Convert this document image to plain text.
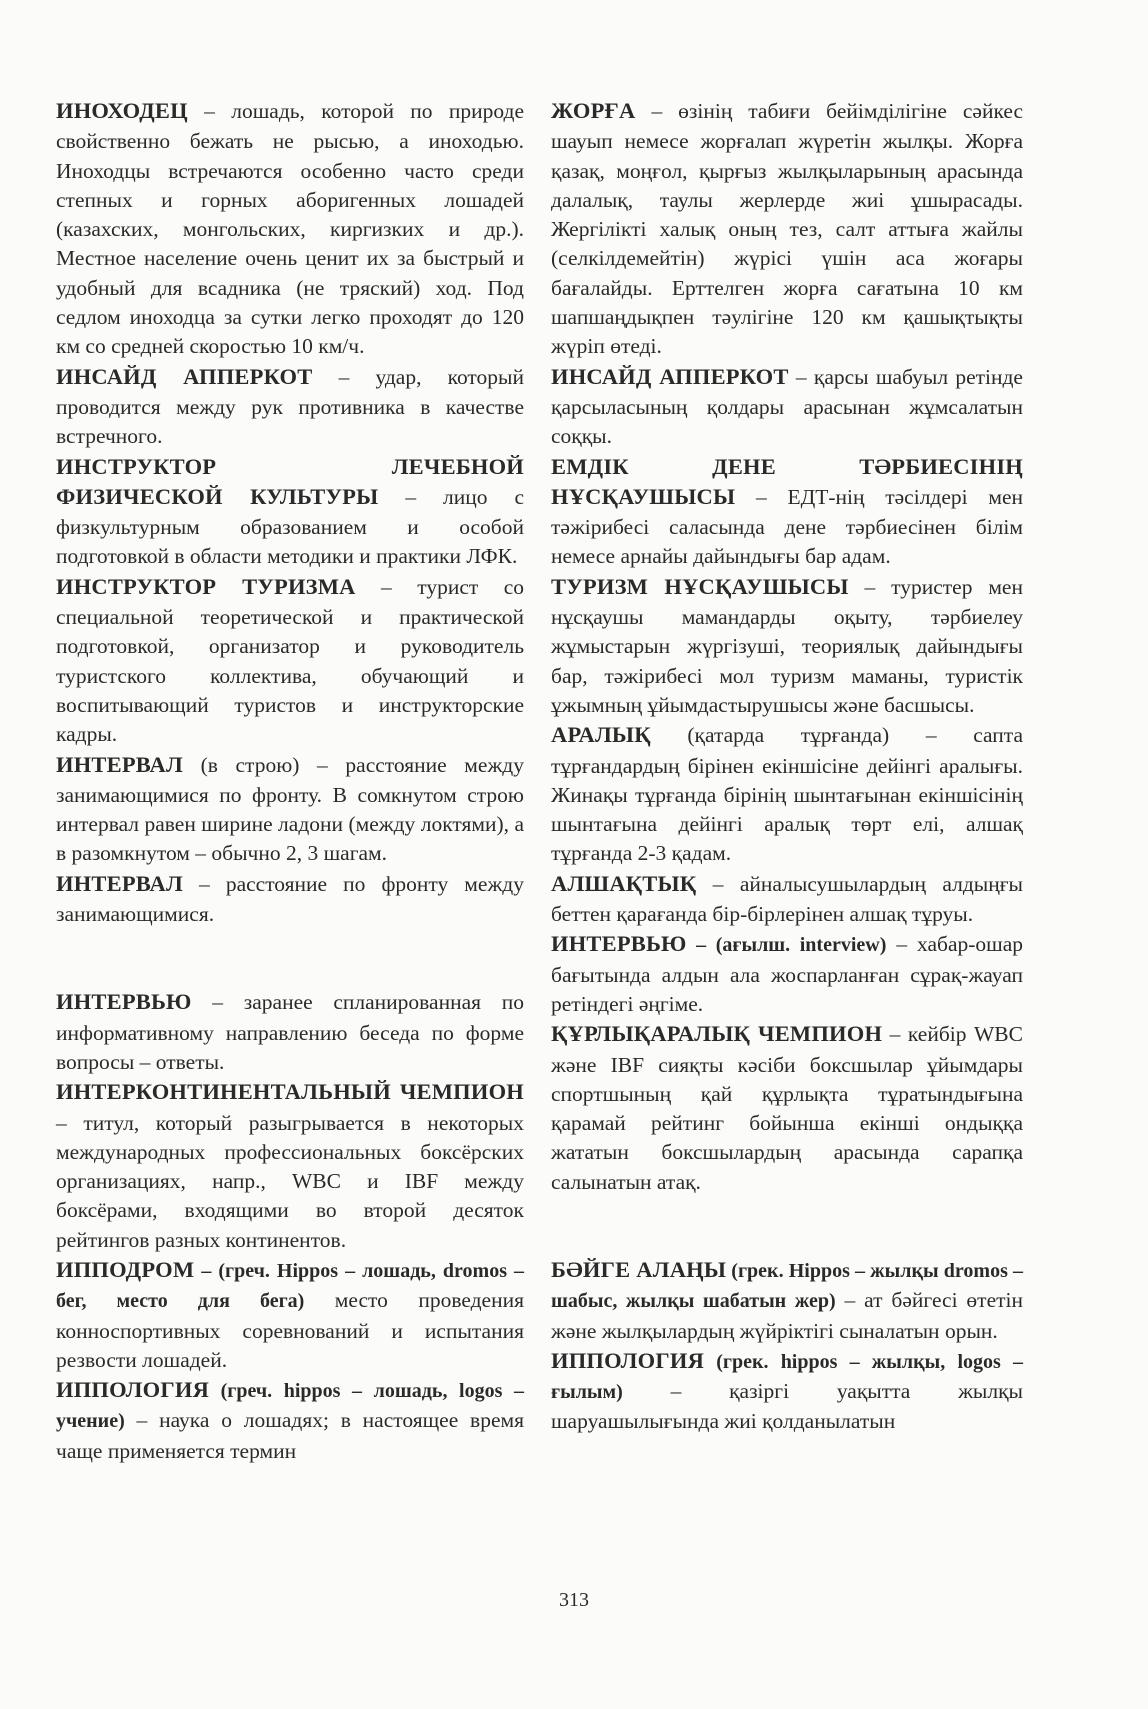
ИНОХОДЕЦ – лошадь, которой по природе свойственно бежать не рысью, а иноходью. Иноходцы встречаются особенно часто среди степных и горных аборигенных лошадей (казахских, монгольских, киргизких и др.). Местное население очень ценит их за быстрый и удобный для всадника (не тряский) ход. Под седлом иноходца за сутки легко проходят до 120 км со средней скоростью 10 км/ч.

ИНСАЙД АППЕРКОТ – удар, который проводится между рук противника в качестве встречного.

ИНСТРУКТОР ЛЕЧЕБНОЙ ФИЗИЧЕСКОЙ КУЛЬТУРЫ – лицо с физкультурным образованием и особой подготовкой в области методики и практики ЛФК.

ИНСТРУКТОР ТУРИЗМА – турист со специальной теоретической и практической подготовкой, организатор и руководитель туристского коллектива, обучающий и воспитывающий туристов и инструкторские кадры.

ИНТЕРВАЛ (в строю) – расстояние между занимающимися по фронту. В сомкнутом строю интервал равен ширине ладони (между локтями), а в разомкнутом – обычно 2, 3 шагам.

ИНТЕРВАЛ – расстояние по фронту между занимающимися.

ИНТЕРВЬЮ – заранее спланированная по информативному направлению беседа по форме вопросы – ответы.

ИНТЕРКОНТИНЕНТАЛЬНЫЙ ЧЕМПИОН – титул, который разыгрывается в некоторых международных профессиональных боксёрских организациях, напр., WBC и IBF между боксёрами, входящими во второй десяток рейтингов разных континентов.

ИППОДРОМ – (греч. Hippos – лошадь, dromos – бег, место для бега) место проведения конноспортивных соревнований и испытания резвости лошадей.

ИППОЛОГИЯ (греч. hippos – лошадь, logos – учение) – наука о лошадях; в настоящее время чаще применяется термин

ЖОРҒА – өзінің табиғи бейімділігіне сәйкес шауып немесе жорғалап жүретін жылқы. Жорға қазақ, моңғол, қырғыз жылқыларының арасында далалық, таулы жерлерде жиі ұшырасады. Жергілікті халық оның тез, салт аттыға жайлы (селкілдемейтін) жүрісі үшін аса жоғары бағалайды. Ерттелген жорға сағатына 10 км шапшаңдықпен тәулігіне 120 км қашықтықты жүріп өтеді.

ИНСАЙД АППЕРКОТ – қарсы шабуыл ретінде қарсыласының қолдары арасынан жұмсалатын соққы.

ЕМДІК ДЕНЕ ТӘРБИЕСІНІҢ НҰСҚАУШЫСЫ – ЕДТ-нің тәсілдері мен тәжірибесі саласында дене тәрбиесінен білім немесе арнайы дайындығы бар адам.

ТУРИЗМ НҰСҚАУШЫСЫ – туристер мен нұсқаушы мамандарды оқыту, тәрбиелеу жұмыстарын жүргізуші, теориялық дайындығы бар, тәжірибесі мол туризм маманы, туристік ұжымның ұйымдастырушысы және басшысы.

АРАЛЫҚ (қатарда тұрғанда) – сапта тұрғандардың бірінен екіншісіне дейінгі аралығы. Жинақы тұрғанда бірінің шынтағынан екіншісінің шынтағына дейінгі аралық төрт елі, алшақ тұрғанда 2-3 қадам.

АЛШАҚТЫҚ – айналысушылардың алдыңғы беттен қарағанда бір-бірлерінен алшақ тұруы.

ИНТЕРВЬЮ – (ағылш. interview) – хабар-ошар бағытында алдын ала жоспарланған сұрақ-жауап ретіндегі әңгіме.

ҚҰРЛЫҚАРАЛЫҚ ЧЕМПИОН – кейбір WBC және IBF сияқты кәсіби боксшылар ұйымдары спортшының қай құрлықта тұратындығына қарамай рейтинг бойынша екінші ондыққа жататын боксшылардың арасында сарапқа салынатын атақ.

БӘЙГЕ АЛАҢЫ (грек. Hippos – жылқы dromos – шабыс, жылқы шабатын жер) – ат бәйгесі өтетін және жылқылардың жүйріктігі сыналатын орын.

ИППОЛОГИЯ (грек. hippos – жылқы, logos – ғылым) – қазіргі уақытта жылқы шаруашылығында жиі қолданылатын

313
